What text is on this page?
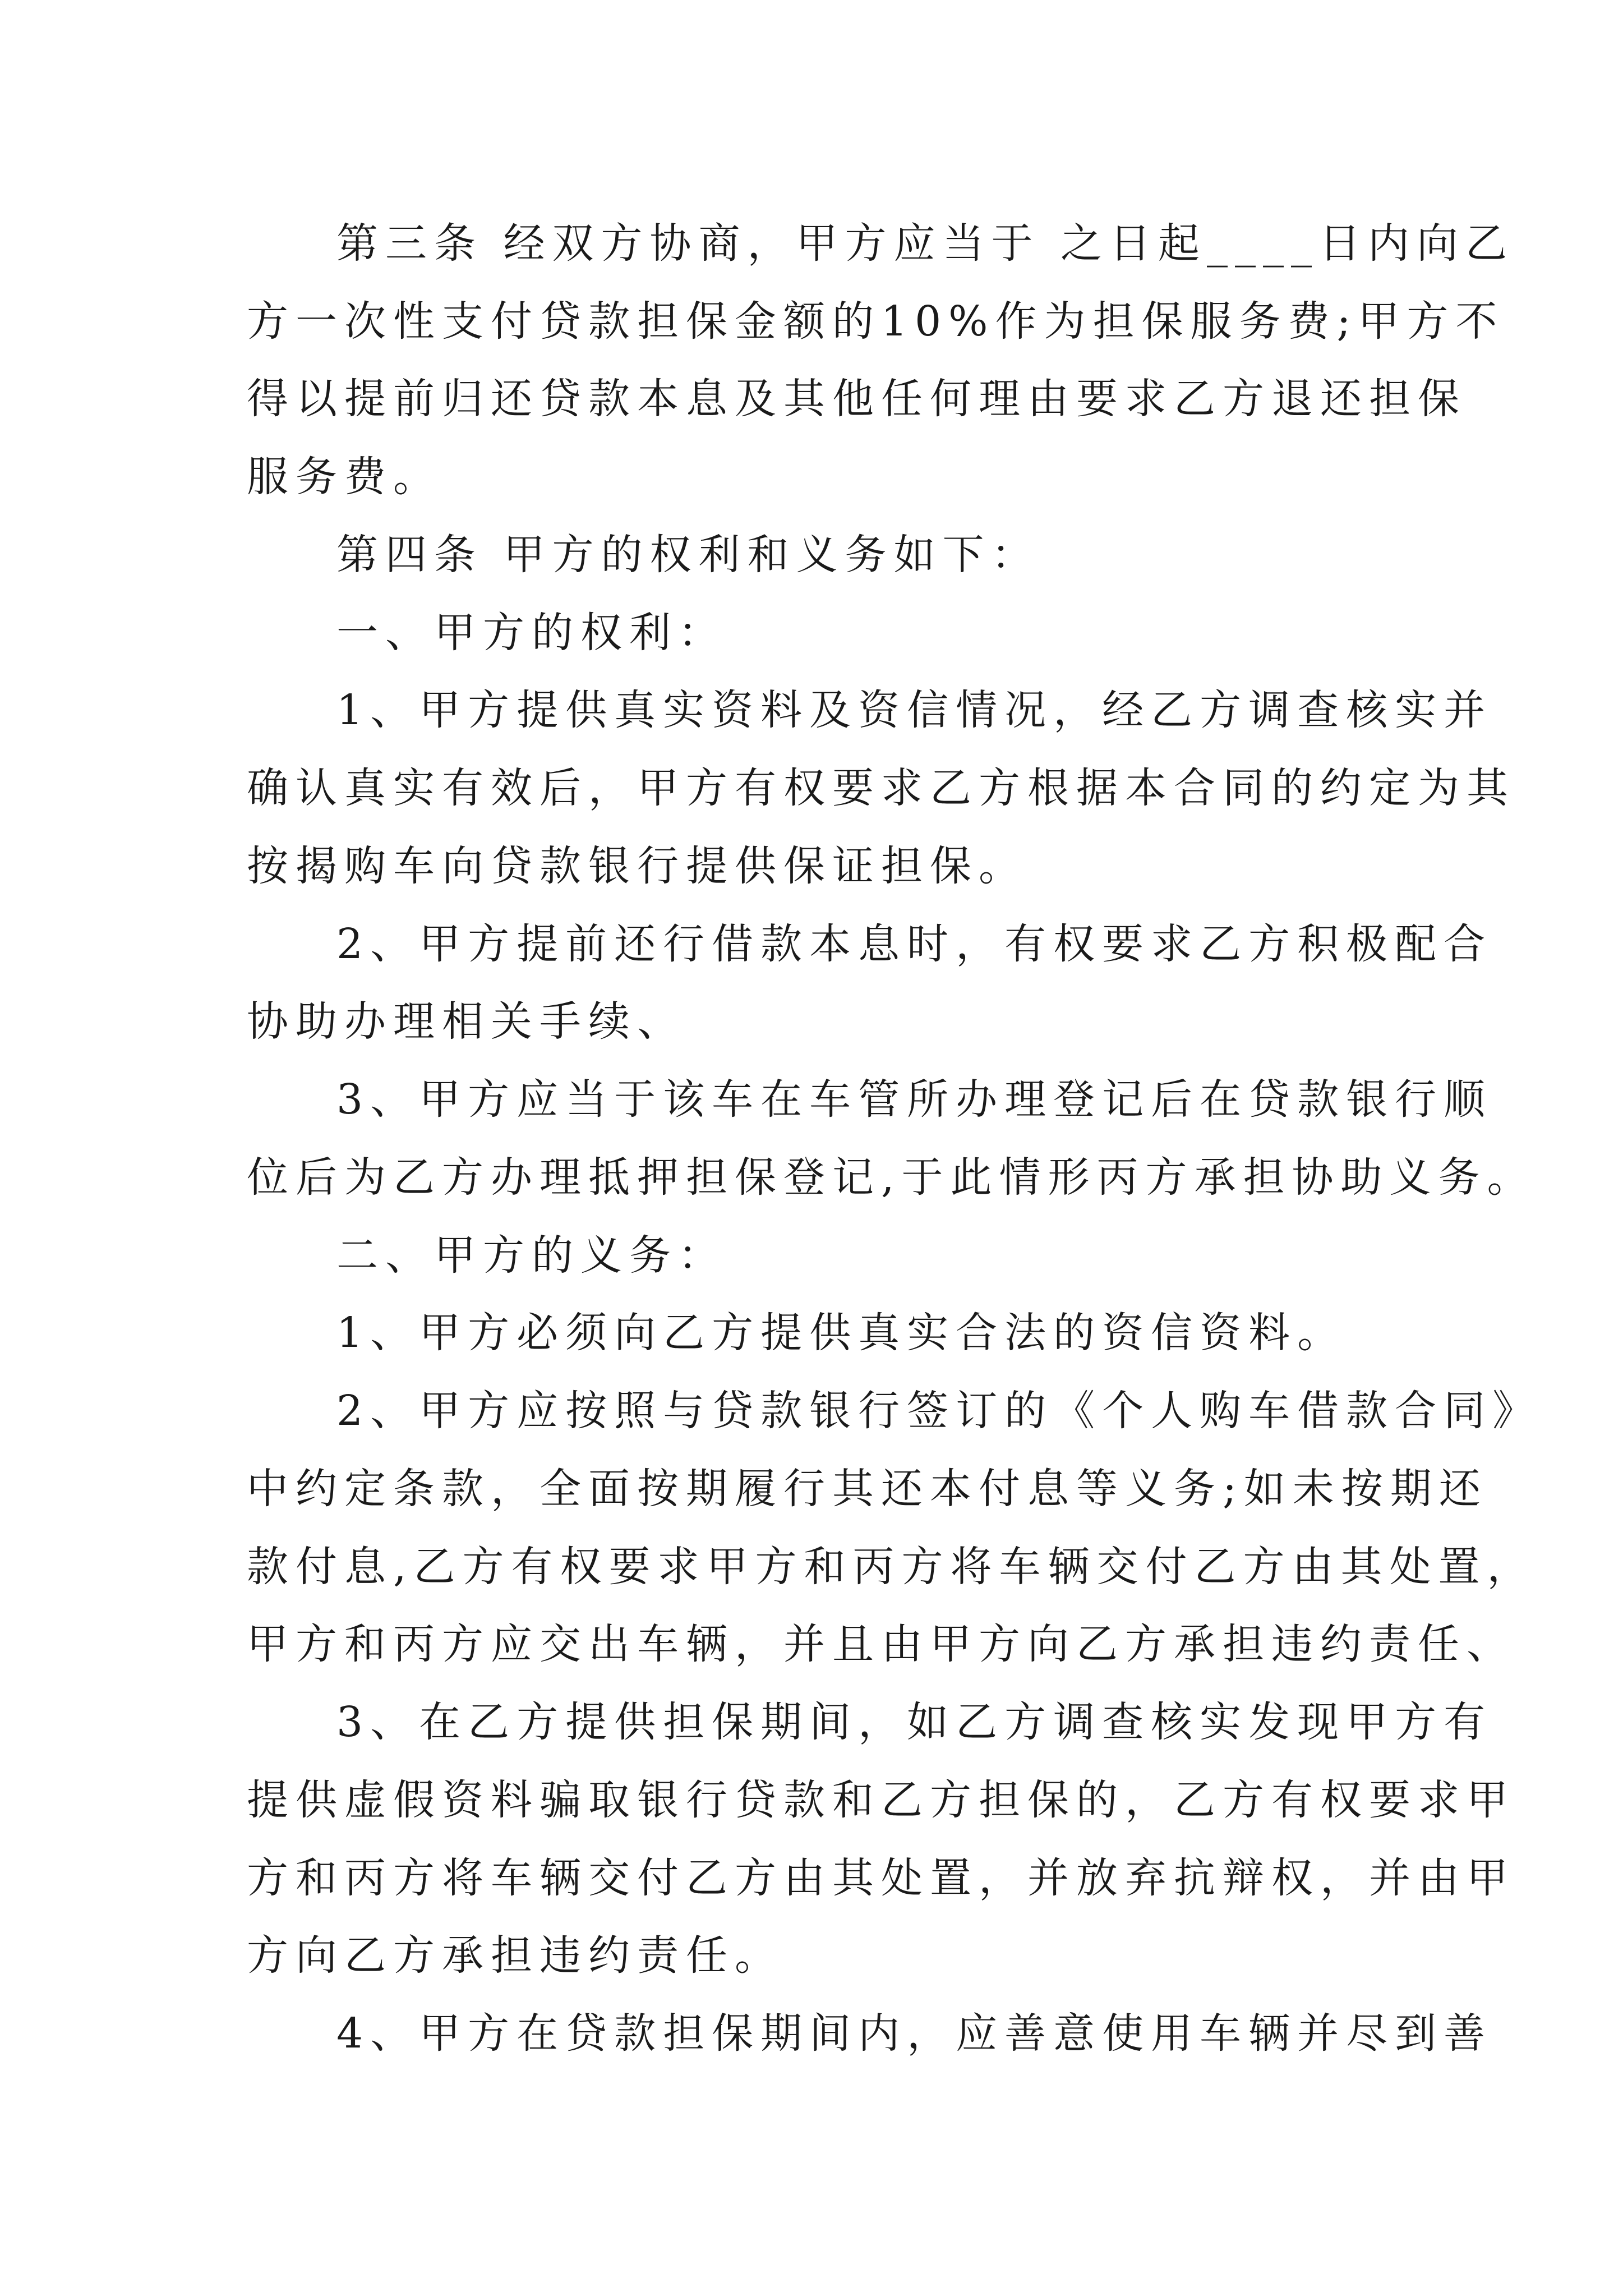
第三条 经双方协商，甲方应当于 之日起____日内向乙
方一次性支付贷款担保金额的10%作为担保服务费;甲方不
得以提前归还贷款本息及其他任何理由要求乙方退还担保
服务费。
第四条 甲方的权利和义务如下：
一、甲方的权利：
1、甲方提供真实资料及资信情况，经乙方调查核实并
确认真实有效后，甲方有权要求乙方根据本合同的约定为其
按揭购车向贷款银行提供保证担保。
2、甲方提前还行借款本息时，有权要求乙方积极配合
协助办理相关手续、
3、甲方应当于该车在车管所办理登记后在贷款银行顺
位后为乙方办理抵押担保登记,于此情形丙方承担协助义务。
二、甲方的义务：
1、甲方必须向乙方提供真实合法的资信资料。
2、甲方应按照与贷款银行签订的《个人购车借款合同》
中约定条款，全面按期履行其还本付息等义务;如未按期还
款付息,乙方有权要求甲方和丙方将车辆交付乙方由其处置，
甲方和丙方应交出车辆，并且由甲方向乙方承担违约责任、
3、在乙方提供担保期间，如乙方调查核实发现甲方有
提供虚假资料骗取银行贷款和乙方担保的，乙方有权要求甲
方和丙方将车辆交付乙方由其处置，并放弃抗辩权，并由甲
方向乙方承担违约责任。
4、甲方在贷款担保期间内，应善意使用车辆并尽到善
